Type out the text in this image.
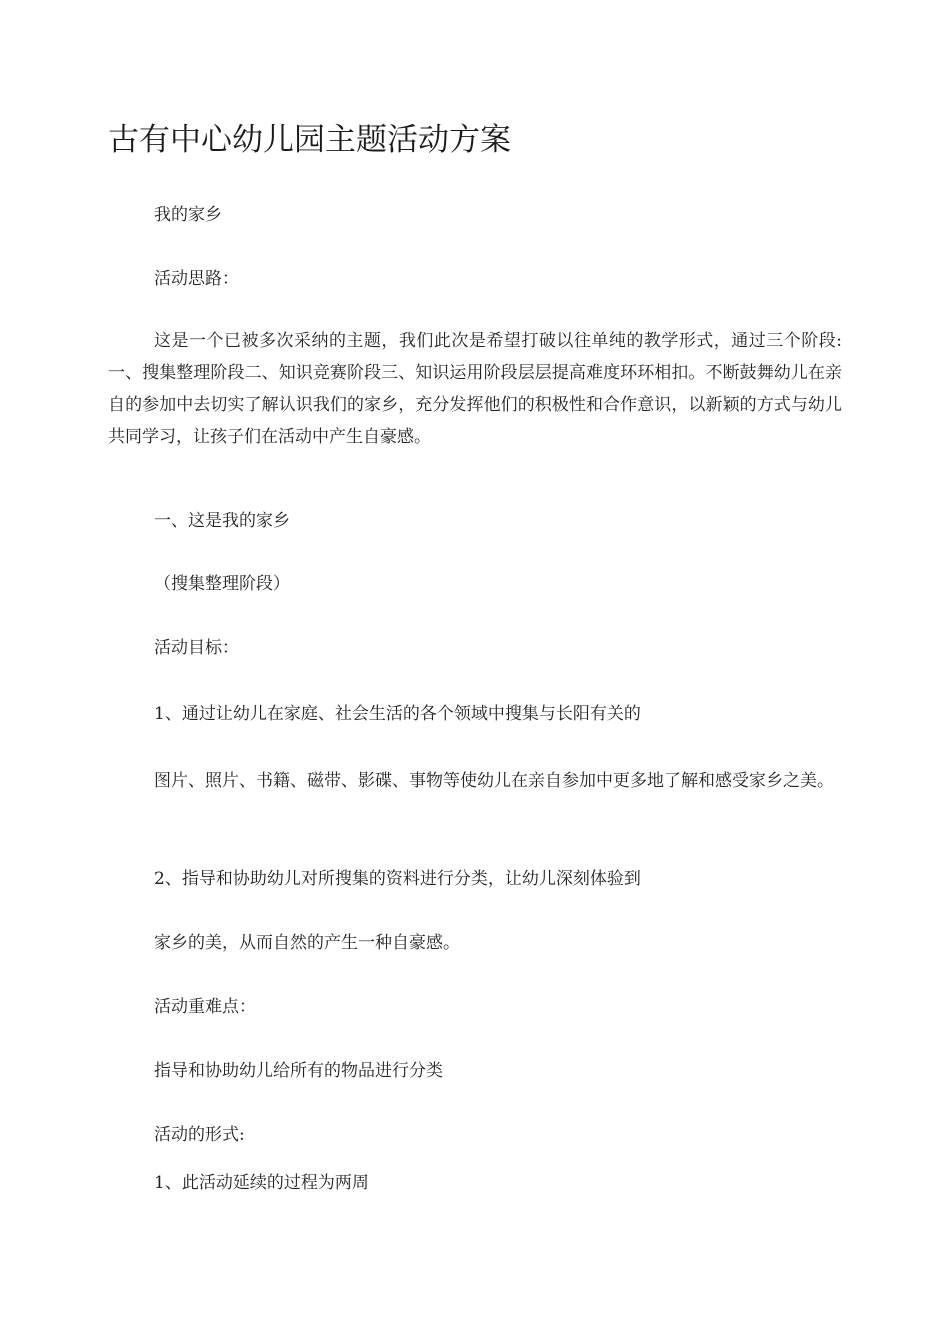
古有中心幼儿园主题活动方案
我的家乡
活动思路：
这是一个已被多次采纳的主题，我们此次是希望打破以往单纯的教学形式，通过三个阶段:一、搜集整理阶段二、知识竞赛阶段三、知识运用阶段层层提高难度环环相扣。不断鼓舞幼儿在亲自的参加中去切实了解认识我们的家乡，充分发挥他们的积极性和合作意识，以新颖的方式与幼儿共同学习，让孩子们在活动中产生自豪感。
一、这是我的家乡
（搜集整理阶段）
活动目标：
1、通过让幼儿在家庭、社会生活的各个领域中搜集与长阳有关的
图片、照片、书籍、磁带、影碟、事物等使幼儿在亲自参加中更多地了解和感受家乡之美。
2、指导和协助幼儿对所搜集的资料进行分类，让幼儿深刻体验到
家乡的美，从而自然的产生一种自豪感。
活动重难点：
指导和协助幼儿给所有的物品进行分类
活动的形式:
1、此活动延续的过程为两周
